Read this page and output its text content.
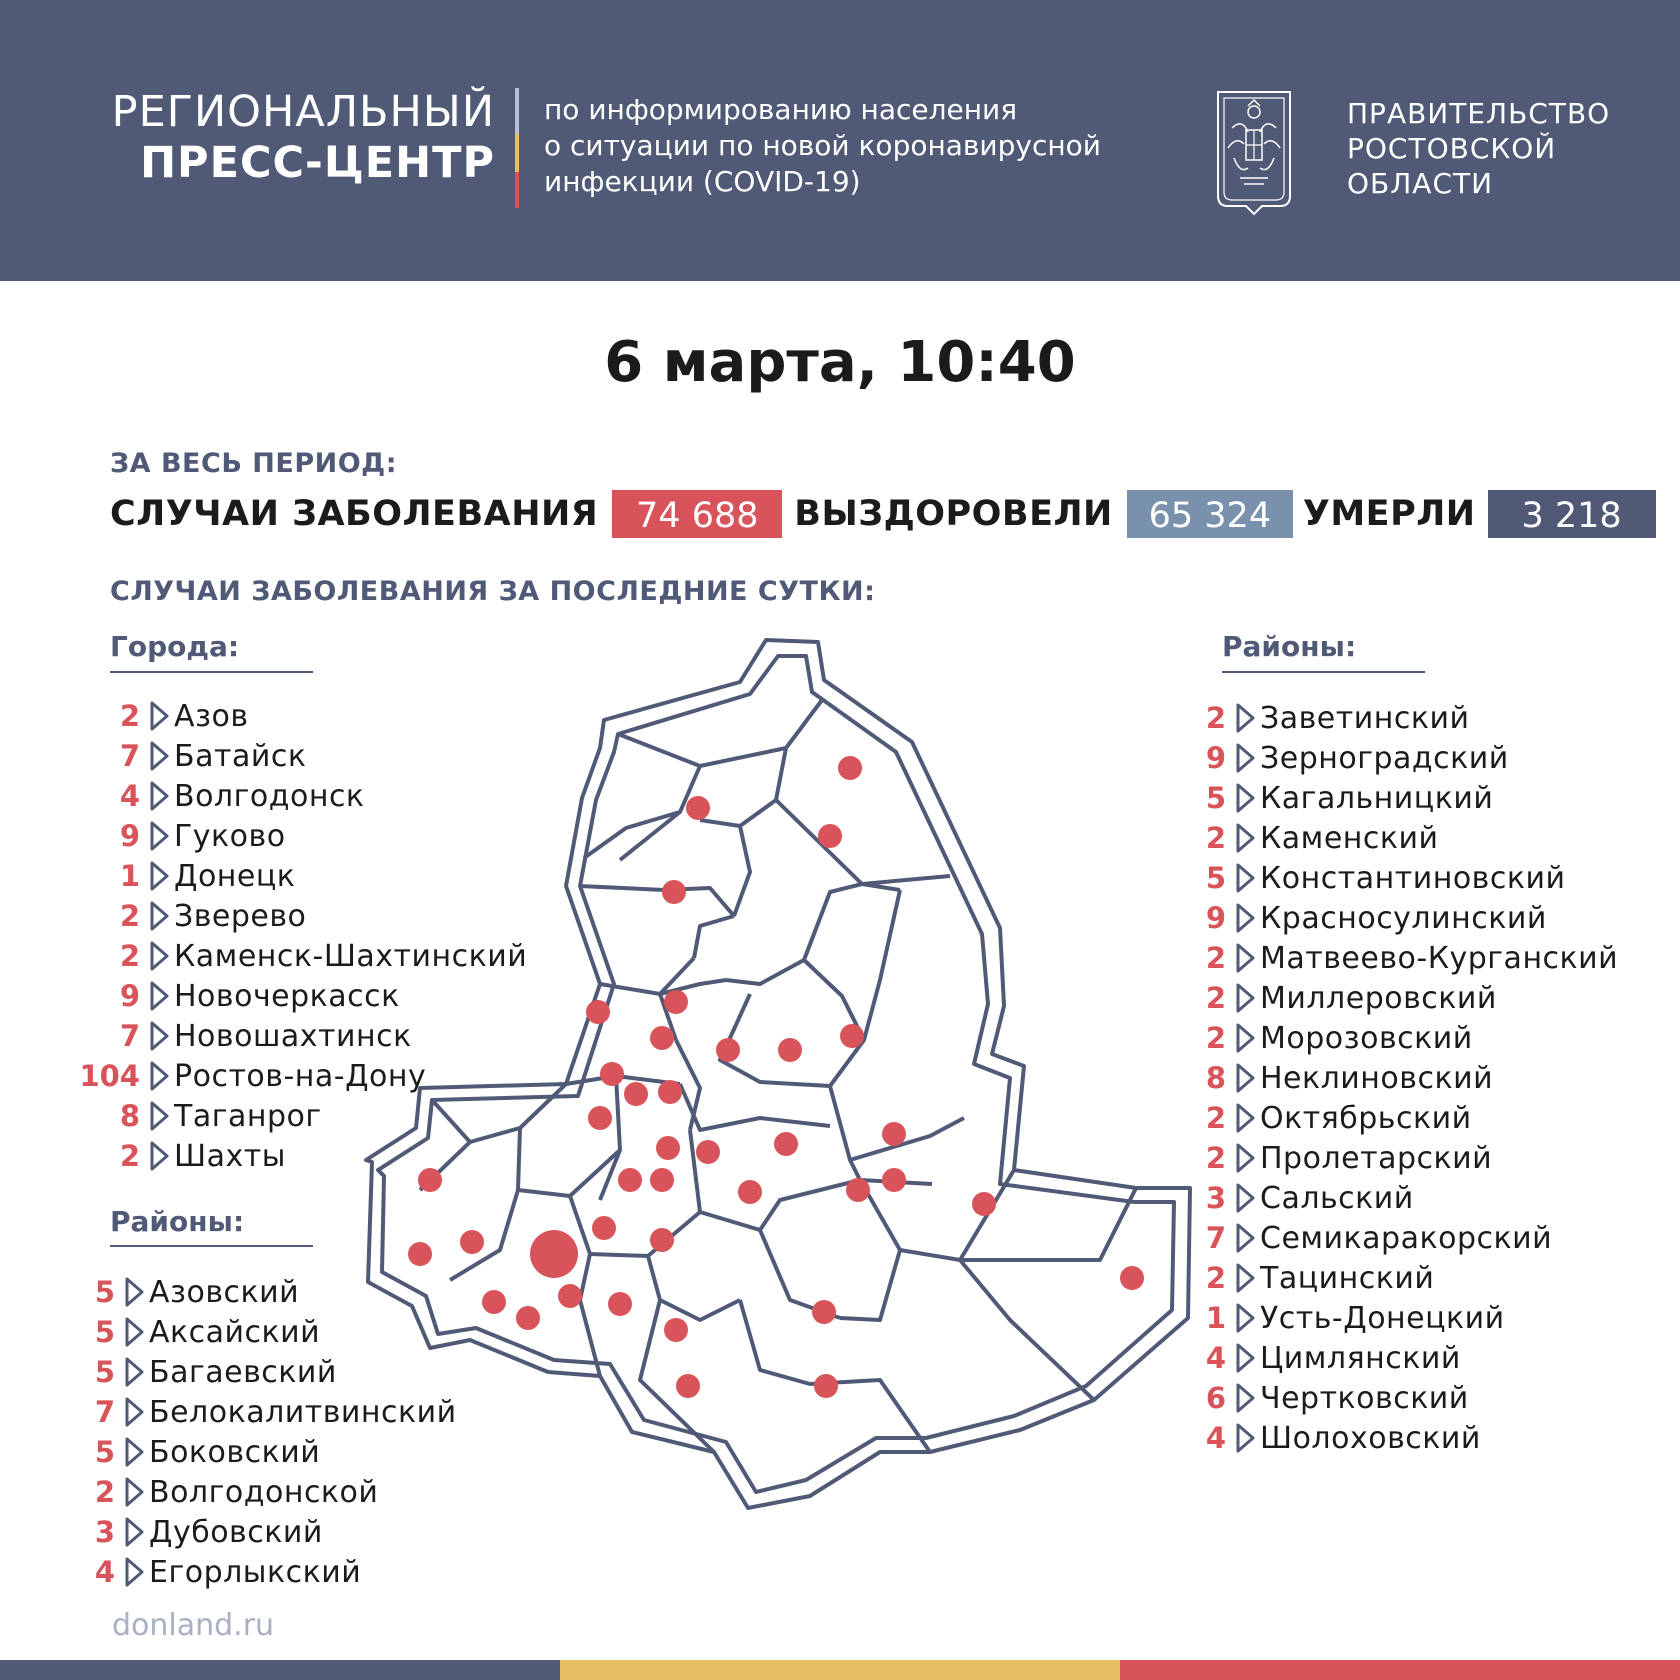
РЕГИОНАЛЬНЫЙ
ПРЕСС-ЦЕНТР
по информированию населения
о ситуации по новой коронавирусной
инфекции (COVID-19)
ПРАВИТЕЛЬСТВО
РОСТОВСКОЙ
ОБЛАСТИ
6 марта, 10:40
ЗА ВЕСЬ ПЕРИОД:
СЛУЧАИ ЗАБОЛЕВАНИЯ	74 688	ВЫЗДОРОВЕЛИ	65 324 УМЕРЛИ	3 218
СЛУЧАИ ЗАБОЛЕВАНИЯ ЗА ПОСЛЕДНИЕ СУТКИ:
Города:
Районы:
Районы:
2 Азов
7 Батайск
4 Волгодонск
9 Гуково
1 Донецк
2 Зверево
2 Каменск-Шахтинский
9 Новочеркасск
7 Новошахтинск
104 Ростов-на-Дону
8 Таганрог
2 Шахты
5 Азовский
5 Аксайский
5 Багаевский
7 Белокалитвинский
5 Боковский
2 Волгодонской
3 Дубовский
4 Егорлыкский
2 Заветинский
9 Зерноградский
5 Кагальницкий
2 Каменский
5 Константиновский
9 Красносулинский
2 Матвеево-Курганский
2 Миллеровский
2 Морозовский
8 Неклиновский
2 Октябрьский
2 Пролетарский
3 Сальский
7 Семикаракорский
2 Тацинский
1 Усть-Донецкий
4 Цимлянский
6 Чертковский
4 Шолоховский
donland.ru
